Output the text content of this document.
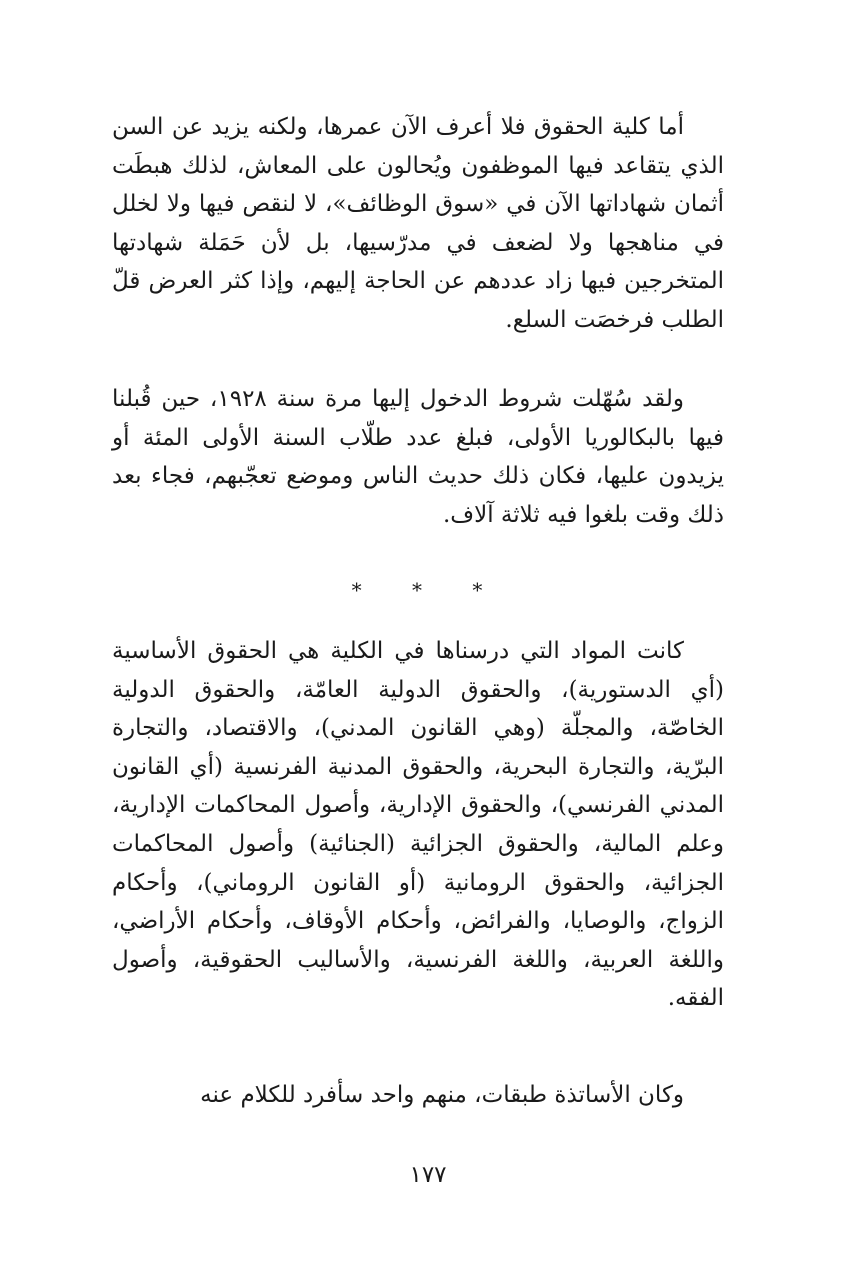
أما كلية الحقوق فلا أعرف الآن عمرها، ولكنه يزيد عن السن الذي يتقاعد فيها الموظفون ويُحالون على المعاش، لذلك هبطَت أثمان شهاداتها الآن في «سوق الوظائف»، لا لنقص فيها ولا لخلل في مناهجها ولا لضعف في مدرّسيها، بل لأن حَمَلة شهادتها المتخرجين فيها زاد عددهم عن الحاجة إليهم، وإذا كثر العرض قلّ الطلب فرخصَت السلع.

ولقد سُهّلت شروط الدخول إليها مرة سنة ١٩٢٨، حين قُبلنا فيها بالبكالوريا الأولى، فبلغ عدد طلّاب السنة الأولى المئة أو يزيدون عليها، فكان ذلك حديث الناس وموضع تعجّبهم، فجاء بعد ذلك وقت بلغوا فيه ثلاثة آلاف.

* * *

كانت المواد التي درسناها في الكلية هي الحقوق الأساسية (أي الدستورية)، والحقوق الدولية العامّة، والحقوق الدولية الخاصّة، والمجلّة (وهي القانون المدني)، والاقتصاد، والتجارة البرّية، والتجارة البحرية، والحقوق المدنية الفرنسية (أي القانون المدني الفرنسي)، والحقوق الإدارية، وأصول المحاكمات الإدارية، وعلم المالية، والحقوق الجزائية (الجنائية) وأصول المحاكمات الجزائية، والحقوق الرومانية (أو القانون الروماني)، وأحكام الزواج، والوصايا، والفرائض، وأحكام الأوقاف، وأحكام الأراضي، واللغة العربية، واللغة الفرنسية، والأساليب الحقوقية، وأصول الفقه.

وكان الأساتذة طبقات، منهم واحد سأفرد للكلام عنه

١٧٧
